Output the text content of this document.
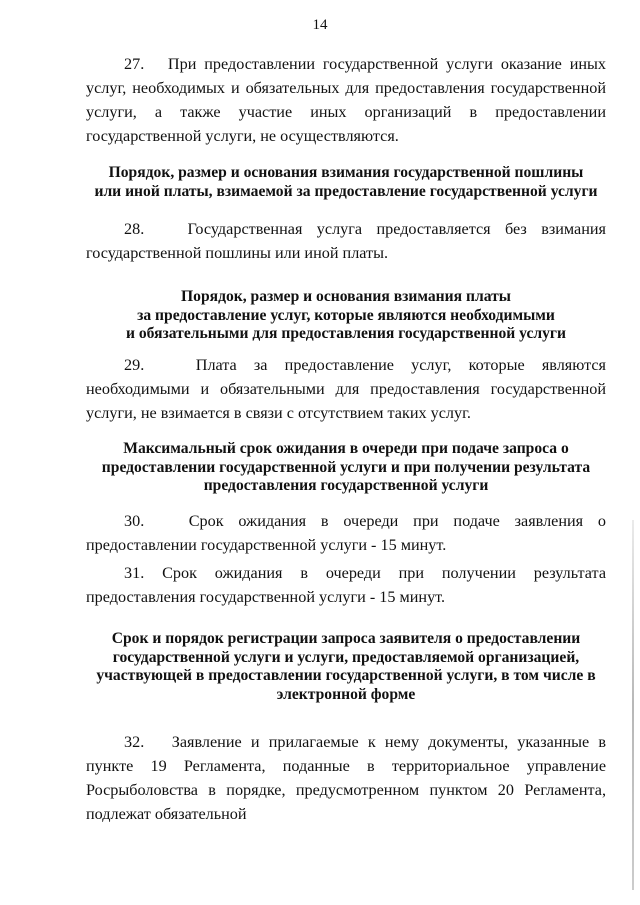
14
27. При предоставлении государственной услуги оказание иных услуг, необходимых и обязательных для предоставления государственной услуги, а также участие иных организаций в предоставлении государственной услуги, не осуществляются.
Порядок, размер и основания взимания государственной пошлины
или иной платы, взимаемой за предоставление государственной услуги
28.	Государственная услуга предоставляется без взимания государственной пошлины или иной платы.
Порядок, размер и основания взимания платы
за предоставление услуг, которые являются необходимыми
и обязательными для предоставления государственной услуги
29.	Плата за предоставление услуг, которые являются необходимыми и обязательными для предоставления государственной услуги, не взимается в связи с отсутствием таких услуг.
Максимальный срок ожидания в очереди при подаче запроса о
предоставлении государственной услуги и при получении результата
предоставления государственной услуги
30.	Срок ожидания в очереди при подаче заявления о предоставлении государственной услуги - 15 минут.
31. Срок ожидания в очереди при получении результата предоставления государственной услуги - 15 минут.
Срок и порядок регистрации запроса заявителя о предоставлении
государственной услуги и услуги, предоставляемой организацией,
участвующей в предоставлении государственной услуги, в том числе в
электронной форме
32. Заявление и прилагаемые к нему документы, указанные в пункте 19 Регламента, поданные в территориальное управление Росрыболовства в порядке, предусмотренном пунктом 20 Регламента, подлежат обязательной
